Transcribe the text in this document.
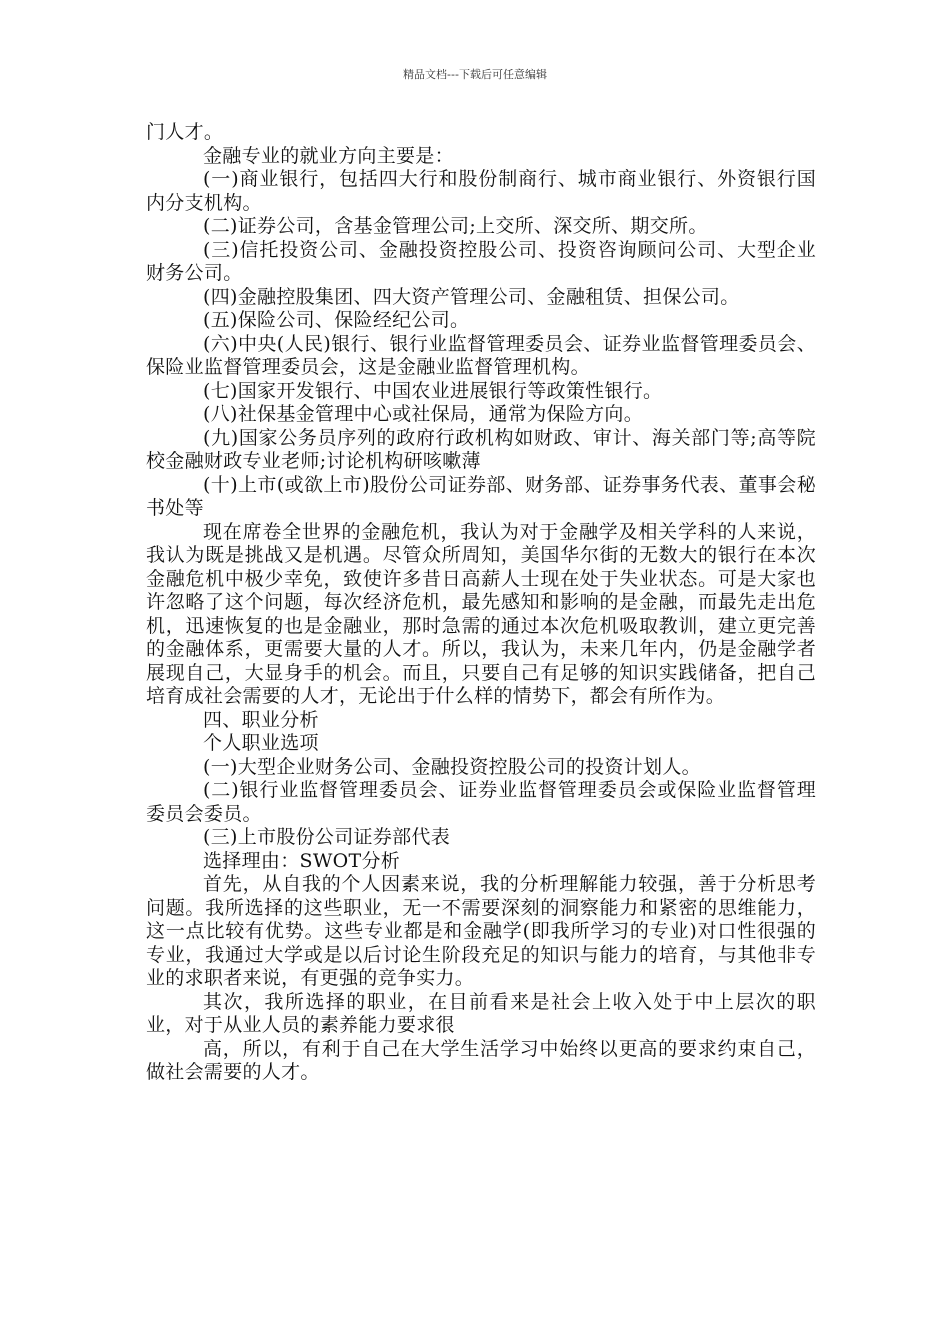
精品文档---下载后可任意编辑

门人才。

金融专业的就业方向主要是：

(一)商业银行，包括四大行和股份制商行、城市商业银行、外资银行国内分支机构。

(二)证券公司，含基金管理公司;上交所、深交所、期交所。

(三)信托投资公司、金融投资控股公司、投资咨询顾问公司、大型企业财务公司。

(四)金融控股集团、四大资产管理公司、金融租赁、担保公司。

(五)保险公司、保险经纪公司。

(六)中央(人民)银行、银行业监督管理委员会、证券业监督管理委员会、保险业监督管理委员会，这是金融业监督管理机构。

(七)国家开发银行、中国农业进展银行等政策性银行。

(八)社保基金管理中心或社保局，通常为保险方向。

(九)国家公务员序列的政府行政机构如财政、审计、海关部门等;高等院校金融财政专业老师;讨论机构研咳嗽薄

(十)上市(或欲上市)股份公司证券部、财务部、证券事务代表、董事会秘书处等

现在席卷全世界的金融危机，我认为对于金融学及相关学科的人来说，我认为既是挑战又是机遇。尽管众所周知，美国华尔街的无数大的银行在本次金融危机中极少幸免，致使许多昔日高薪人士现在处于失业状态。可是大家也许忽略了这个问题，每次经济危机，最先感知和影响的是金融，而最先走出危机，迅速恢复的也是金融业，那时急需的通过本次危机吸取教训，建立更完善的金融体系，更需要大量的人才。所以，我认为，未来几年内，仍是金融学者展现自己，大显身手的机会。而且，只要自己有足够的知识实践储备，把自己培育成社会需要的人才，无论出于什么样的情势下，都会有所作为。

四、职业分析

个人职业选项

(一)大型企业财务公司、金融投资控股公司的投资计划人。

(二)银行业监督管理委员会、证券业监督管理委员会或保险业监督管理委员会委员。

(三)上市股份公司证券部代表

选择理由：SWOT分析

首先，从自我的个人因素来说，我的分析理解能力较强，善于分析思考问题。我所选择的这些职业，无一不需要深刻的洞察能力和紧密的思维能力，这一点比较有优势。这些专业都是和金融学(即我所学习的专业)对口性很强的专业，我通过大学或是以后讨论生阶段充足的知识与能力的培育，与其他非专业的求职者来说，有更强的竞争实力。

其次，我所选择的职业，在目前看来是社会上收入处于中上层次的职业，对于从业人员的素养能力要求很

高，所以，有利于自己在大学生活学习中始终以更高的要求约束自己，做社会需要的人才。
